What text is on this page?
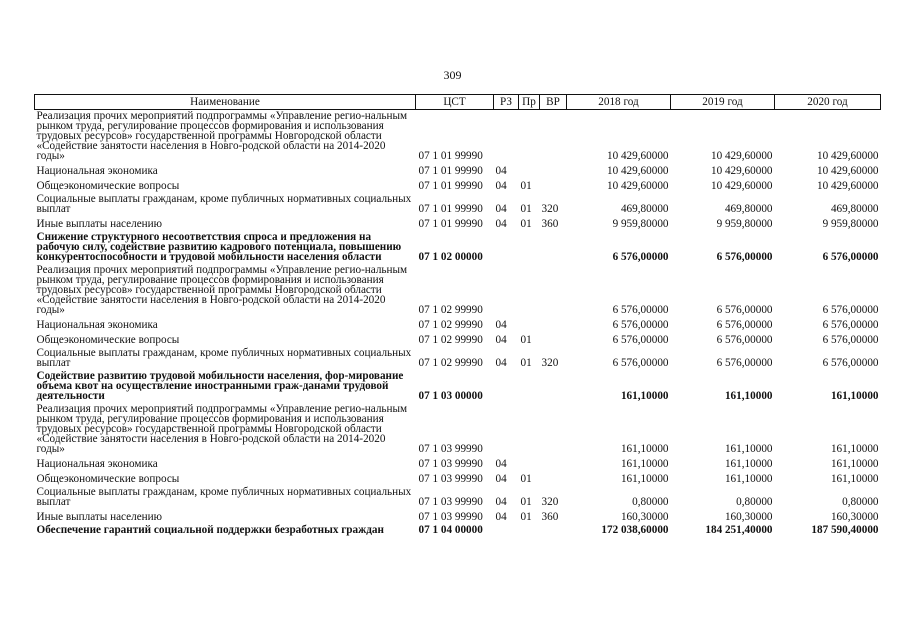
309
Наименование	ЦСТ	РЗ	Пр	ВР	2018 год	2019 год	2020 год
Реализация прочих мероприятий подпрограммы «Управление регио-нальным рынком труда, регулирование процессов формирования и использования трудовых ресурсов» государственной программы Новгородской области «Содействие занятости населения в Новго-родской области на 2014-2020 годы»	07 1 01 99990				10 429,60000	10 429,60000	10 429,60000
Национальная экономика	07 1 01 99990	04			10 429,60000	10 429,60000	10 429,60000
Общеэкономические вопросы	07 1 01 99990	04	01		10 429,60000	10 429,60000	10 429,60000
Социальные выплаты гражданам, кроме публичных нормативных социальных выплат	07 1 01 99990	04	01	320	469,80000	469,80000	469,80000
Иные выплаты населению	07 1 01 99990	04	01	360	9 959,80000	9 959,80000	9 959,80000
Снижение структурного несоответствия спроса и предложения на рабочую силу, содействие развитию кадрового потенциала, повышению конкурентоспособности и трудовой мобильности населения области	07 1 02 00000				6 576,00000	6 576,00000	6 576,00000
Реализация прочих мероприятий подпрограммы «Управление регио-нальным рынком труда, регулирование процессов формирования и использования трудовых ресурсов» государственной программы Новгородской области «Содействие занятости населения в Новго-родской области на 2014-2020 годы»	07 1 02 99990				6 576,00000	6 576,00000	6 576,00000
Национальная экономика	07 1 02 99990	04			6 576,00000	6 576,00000	6 576,00000
Общеэкономические вопросы	07 1 02 99990	04	01		6 576,00000	6 576,00000	6 576,00000
Социальные выплаты гражданам, кроме публичных нормативных социальных выплат	07 1 02 99990	04	01	320	6 576,00000	6 576,00000	6 576,00000
Содействие развитию трудовой мобильности населения, фор-мирование объема квот на осуществление иностранными граж-данами трудовой деятельности	07 1 03 00000				161,10000	161,10000	161,10000
Реализация прочих мероприятий подпрограммы «Управление регио-нальным рынком труда, регулирование процессов формирования и использования трудовых ресурсов» государственной программы Новгородской области «Содействие занятости населения в Новго-родской области на 2014-2020 годы»	07 1 03 99990				161,10000	161,10000	161,10000
Национальная экономика	07 1 03 99990	04			161,10000	161,10000	161,10000
Общеэкономические вопросы	07 1 03 99990	04	01		161,10000	161,10000	161,10000
Социальные выплаты гражданам, кроме публичных нормативных социальных выплат	07 1 03 99990	04	01	320	0,80000	0,80000	0,80000
Иные выплаты населению	07 1 03 99990	04	01	360	160,30000	160,30000	160,30000
Обеспечение гарантий социальной поддержки безработных граждан	07 1 04 00000				172 038,60000	184 251,40000	187 590,40000
